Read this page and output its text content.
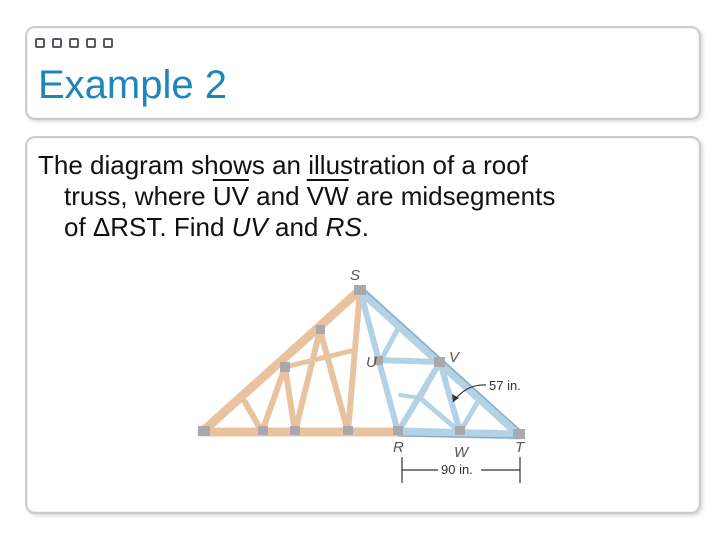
Example 2

The diagram shows an illustration of a roof
truss, where $\overline{UV}$ and $\overline{VW}$ are midsegments
of ΔRST. Find UV and RS.

S
U	V
R	W	T
57 in.
90 in.
